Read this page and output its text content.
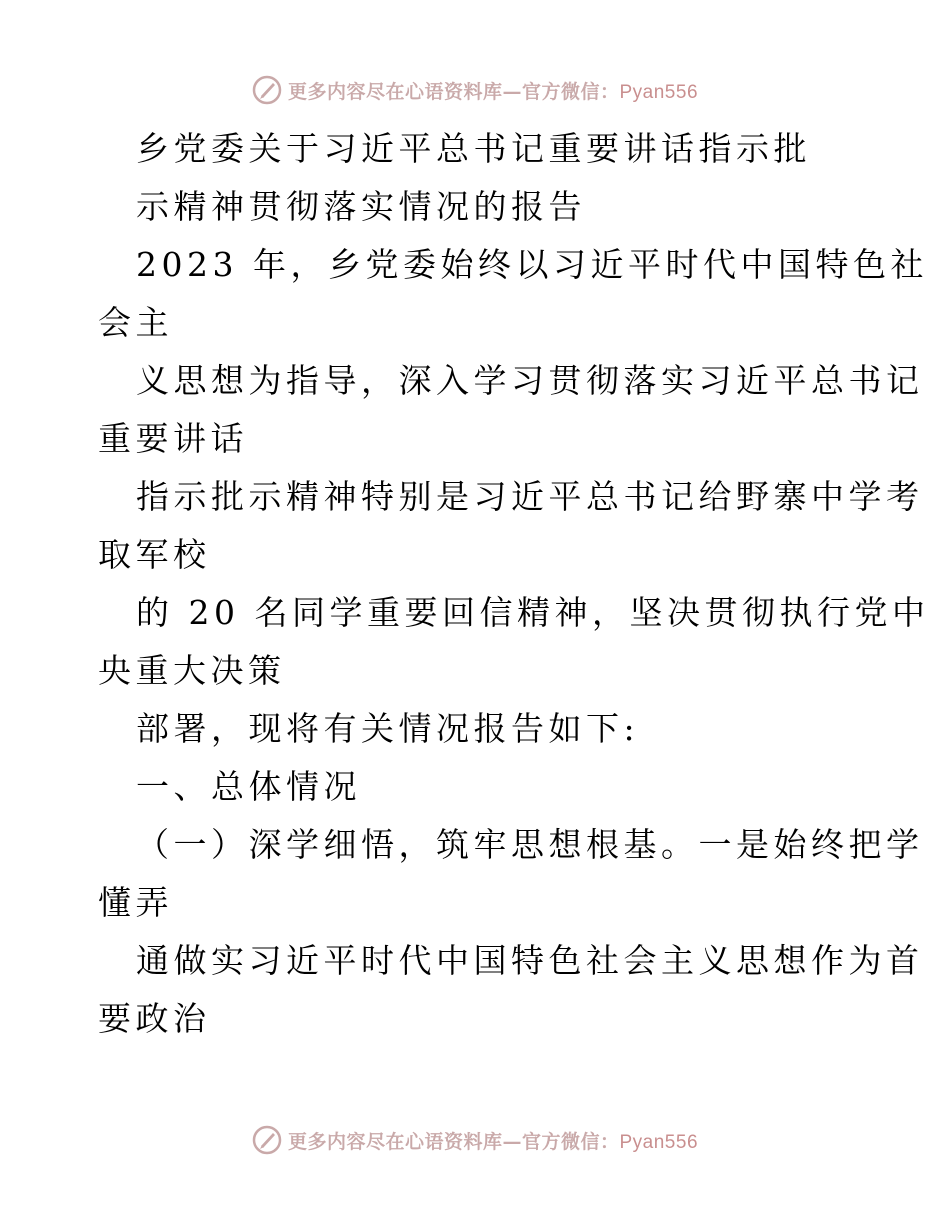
更多内容尽在心语资料库—官方微信：Pyan556
乡党委关于习近平总书记重要讲话指示批
示精神贯彻落实情况的报告
2023 年，乡党委始终以习近平时代中国特色社
会主
义思想为指导，深入学习贯彻落实习近平总书记
重要讲话
指示批示精神特别是习近平总书记给野寨中学考
取军校
的 20 名同学重要回信精神，坚决贯彻执行党中
央重大决策
部署，现将有关情况报告如下:
一、总体情况
（一）深学细悟，筑牢思想根基。一是始终把学
懂弄
通做实习近平时代中国特色社会主义思想作为首
要政治
更多内容尽在心语资料库—官方微信：Pyan556
